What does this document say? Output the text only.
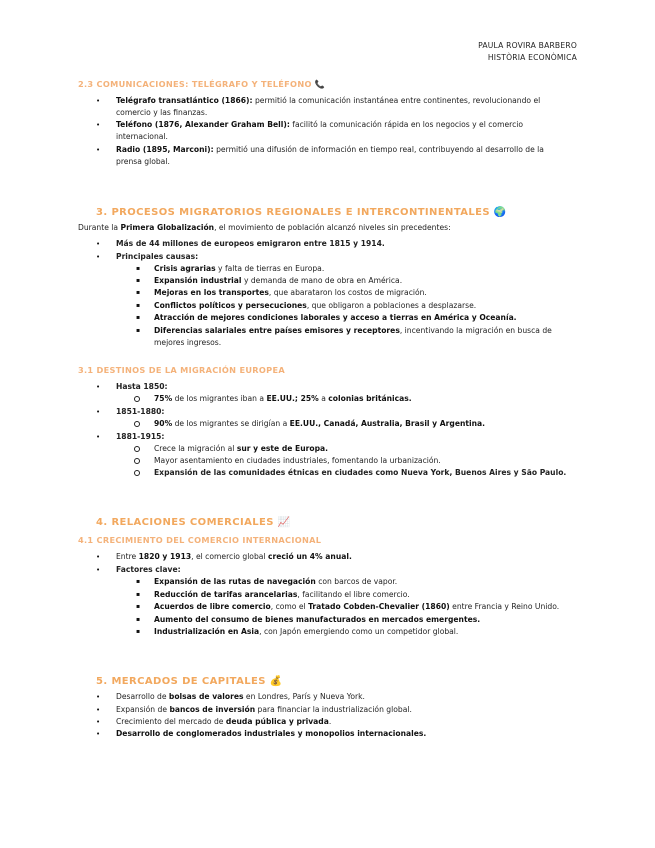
PAULA ROVIRA BARBERO
HISTÒRIA ECONÒMICA
2.3 COMUNICACIONES: TELÉGRAFO Y TELÉFONO 📞
• Telégrafo transatlántico (1866): permitió la comunicación instantánea entre continentes, revolucionando el
comercio y las finanzas.
• Teléfono (1876, Alexander Graham Bell): facilitó la comunicación rápida en los negocios y el comercio
internacional.
• Radio (1895, Marconi): permitió una difusión de información en tiempo real, contribuyendo al desarrollo de la
prensa global.
3. PROCESOS MIGRATORIOS REGIONALES E INTERCONTINENTALES 🌍
Durante la Primera Globalización, el movimiento de población alcanzó niveles sin precedentes:
• Más de 44 millones de europeos emigraron entre 1815 y 1914.
• Principales causas:
▪ Crisis agrarias y falta de tierras en Europa.
▪ Expansión industrial y demanda de mano de obra en América.
▪ Mejoras en los transportes, que abarataron los costos de migración.
▪ Conflictos políticos y persecuciones, que obligaron a poblaciones a desplazarse.
▪ Atracción de mejores condiciones laborales y acceso a tierras en América y Oceanía.
▪ Diferencias salariales entre países emisores y receptores, incentivando la migración en busca de
mejores ingresos.
3.1 DESTINOS DE LA MIGRACIÓN EUROPEA
• Hasta 1850:
75% de los migrantes iban a EE.UU.; 25% a colonias británicas.
• 1851-1880:
90% de los migrantes se dirigían a EE.UU., Canadá, Australia, Brasil y Argentina.
• 1881-1915:
Crece la migración al sur y este de Europa.
Mayor asentamiento en ciudades industriales, fomentando la urbanización.
Expansión de las comunidades étnicas en ciudades como Nueva York, Buenos Aires y São Paulo.
4. RELACIONES COMERCIALES 📈
4.1 CRECIMIENTO DEL COMERCIO INTERNACIONAL
• Entre 1820 y 1913, el comercio global creció un 4% anual.
• Factores clave:
▪ Expansión de las rutas de navegación con barcos de vapor.
▪ Reducción de tarifas arancelarias, facilitando el libre comercio.
▪ Acuerdos de libre comercio, como el Tratado Cobden-Chevalier (1860) entre Francia y Reino Unido.
▪ Aumento del consumo de bienes manufacturados en mercados emergentes.
▪ Industrialización en Asia, con Japón emergiendo como un competidor global.
5. MERCADOS DE CAPITALES 💰
• Desarrollo de bolsas de valores en Londres, París y Nueva York.
• Expansión de bancos de inversión para financiar la industrialización global.
• Crecimiento del mercado de deuda pública y privada.
• Desarrollo de conglomerados industriales y monopolios internacionales.
